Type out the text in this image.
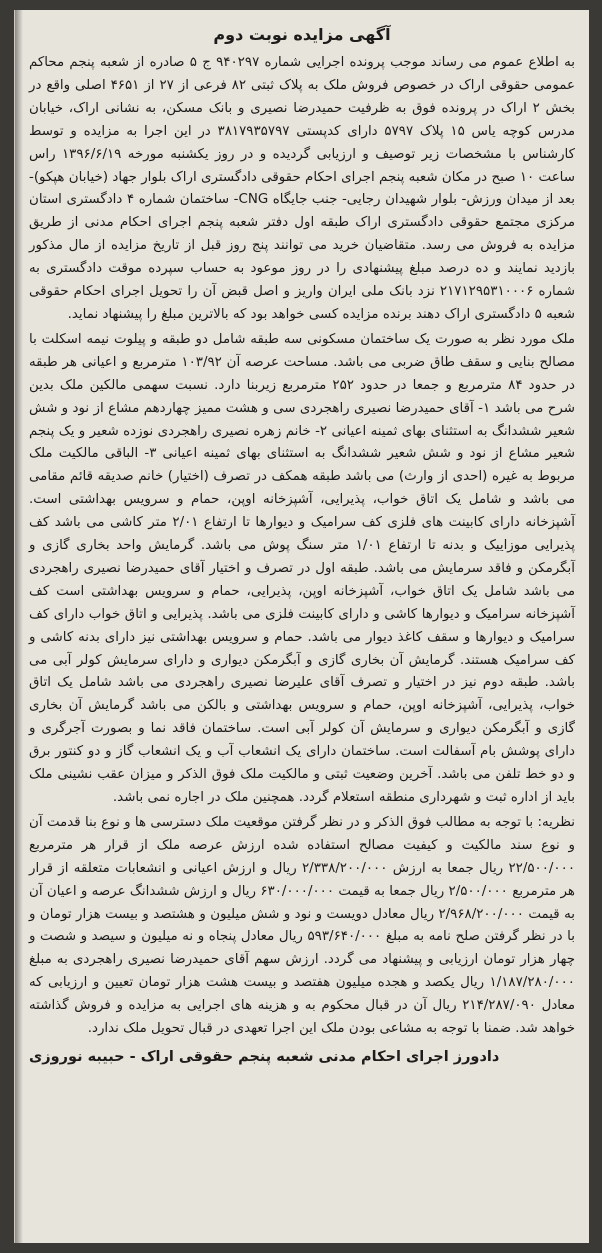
آگهی مزایده نوبت دوم

به اطلاع عموم می رساند موجب پرونده اجرایی شماره ۹۴۰۲۹۷ ج ۵ صادره از شعبه پنجم محاکم عمومی حقوقی اراک در خصوص فروش ملک به پلاک ثبتی ۸۲ فرعی از ۲۷ از ۴۶۵۱ اصلی واقع در بخش ۲ اراک در پرونده فوق به ظرفیت حمیدرضا نصیری و بانک مسکن، به نشانی اراک، خیابان مدرس کوچه یاس ۱۵ پلاک ۵۷۹۷ دارای کدپستی ۳۸۱۷۹۳۵۷۹۷ در این اجرا به مزایده و توسط کارشناس با مشخصات زیر توصیف و ارزیابی گردیده و در روز یکشنبه مورخه ۱۳۹۶/۶/۱۹ راس ساعت ۱۰ صبح در مکان شعبه پنجم اجرای احکام حقوقی دادگستری اراک بلوار جهاد (خیابان هپکو)- بعد از میدان ورزش- بلوار شهیدان رجایی- جنب جایگاه CNG- ساختمان شماره ۴ دادگستری استان مرکزی مجتمع حقوقی دادگستری اراک طبقه اول دفتر شعبه پنجم اجرای احکام مدنی از طریق مزایده به فروش می رسد. متقاضیان خرید می توانند پنج روز قبل از تاریخ مزایده از مال مذکور بازدید نمایند و ده درصد مبلغ پیشنهادی را در روز موعود به حساب سپرده موقت دادگستری به شماره ۲۱۷۱۲۹۵۳۱۰۰۰۶ نزد بانک ملی ایران واریز و اصل قبض آن را تحویل اجرای احکام حقوقی شعبه ۵ دادگستری اراک دهند برنده مزایده کسی خواهد بود که بالاترین مبلغ را پیشنهاد نماید.

ملک مورد نظر به صورت یک ساختمان مسکونی سه طبقه شامل دو طبقه و پیلوت نیمه اسکلت با مصالح بنایی و سقف طاق ضربی می باشد. مساحت عرصه آن ۱۰۳/۹۲ مترمربع و اعیانی هر طبقه در حدود ۸۴ مترمربع و جمعا در حدود ۲۵۲ مترمربع زیربنا دارد. نسبت سهمی مالکین ملک بدین شرح می باشد ۱- آقای حمیدرضا نصیری راهجردی سی و هشت ممیز چهاردهم مشاع از نود و شش شعیر ششدانگ به استثنای بهای ثمینه اعیانی ۲- خانم زهره نصیری راهجردی نوزده شعیر و یک پنجم شعیر مشاع از نود و شش شعیر ششدانگ به استثنای بهای ثمینه اعیانی ۳- الباقی مالکیت ملک مربوط به غیره (احدی از وارث) می باشد طبقه همکف در تصرف (اختیار) خانم صدیقه قائم مقامی می باشد و شامل یک اتاق خواب، پذیرایی، آشپزخانه اوپن، حمام و سرویس بهداشتی است. آشپزخانه دارای کابینت های فلزی کف سرامیک و دیوارها تا ارتفاع ۲/۰۱ متر کاشی می باشد کف پذیرایی موزاییک و بدنه تا ارتفاع ۱/۰۱ متر سنگ پوش می باشد. گرمایش واحد بخاری گازی و آبگرمکن و فاقد سرمایش می باشد. طبقه اول در تصرف و اختیار آقای حمیدرضا نصیری راهجردی می باشد شامل یک اتاق خواب، آشپزخانه اوپن، پذیرایی، حمام و سرویس بهداشتی است کف آشپزخانه سرامیک و دیوارها کاشی و دارای کابینت فلزی می باشد. پذیرایی و اتاق خواب دارای کف سرامیک و دیوارها و سقف کاغذ دیوار می باشد. حمام و سرویس بهداشتی نیز دارای بدنه کاشی و کف سرامیک هستند. گرمایش آن بخاری گازی و آبگرمکن دیواری و دارای سرمایش کولر آبی می باشد. طبقه دوم نیز در اختیار و تصرف آقای علیرضا نصیری راهجردی می باشد شامل یک اتاق خواب، پذیرایی، آشپزخانه اوپن، حمام و سرویس بهداشتی و بالکن می باشد گرمایش آن بخاری گازی و آبگرمکن دیواری و سرمایش آن کولر آبی است. ساختمان فاقد نما و بصورت آجرگری و دارای پوشش بام آسفالت است. ساختمان دارای یک انشعاب آب و یک انشعاب گاز و دو کنتور برق و دو خط تلفن می باشد. آخرین وضعیت ثبتی و مالکیت ملک فوق الذکر و میزان عقب نشینی ملک باید از اداره ثبت و شهرداری منطقه استعلام گردد. همچنین ملک در اجاره نمی باشد.

نظریه: با توجه به مطالب فوق الذکر و در نظر گرفتن موقعیت ملک دسترسی ها و نوع بنا قدمت آن و نوع سند مالکیت و کیفیت مصالح استفاده شده ارزش عرصه ملک از قرار هر مترمربع ۲۲/۵۰۰/۰۰۰ ریال جمعا به ارزش ۲/۳۳۸/۲۰۰/۰۰۰ ریال و ارزش اعیانی و انشعابات متعلقه از قرار هر مترمربع ۲/۵۰۰/۰۰۰ ریال جمعا به قیمت ۶۳۰/۰۰۰/۰۰۰ ریال و ارزش ششدانگ عرصه و اعیان آن به قیمت ۲/۹۶۸/۲۰۰/۰۰۰ ریال معادل دویست و نود و شش میلیون و هشتصد و بیست هزار تومان و با در نظر گرفتن صلح نامه به مبلغ ۵۹۳/۶۴۰/۰۰۰ ریال معادل پنجاه و نه میلیون و سیصد و شصت و چهار هزار تومان ارزیابی و پیشنهاد می گردد. ارزش سهم آقای حمیدرضا نصیری راهجردی به مبلغ ۱/۱۸۷/۲۸۰/۰۰۰ ریال یکصد و هجده میلیون هفتصد و بیست هشت هزار تومان تعیین و ارزیابی که معادل ۲۱۴/۲۸۷/۰۹۰ ریال آن در قبال محکوم به و هزینه های اجرایی به مزایده و فروش گذاشته خواهد شد. ضمنا با توجه به مشاعی بودن ملک این اجرا تعهدی در قبال تحویل ملک ندارد.

دادورز اجرای احکام مدنی شعبه پنجم حقوقی اراک - حبیبه نوروزی
